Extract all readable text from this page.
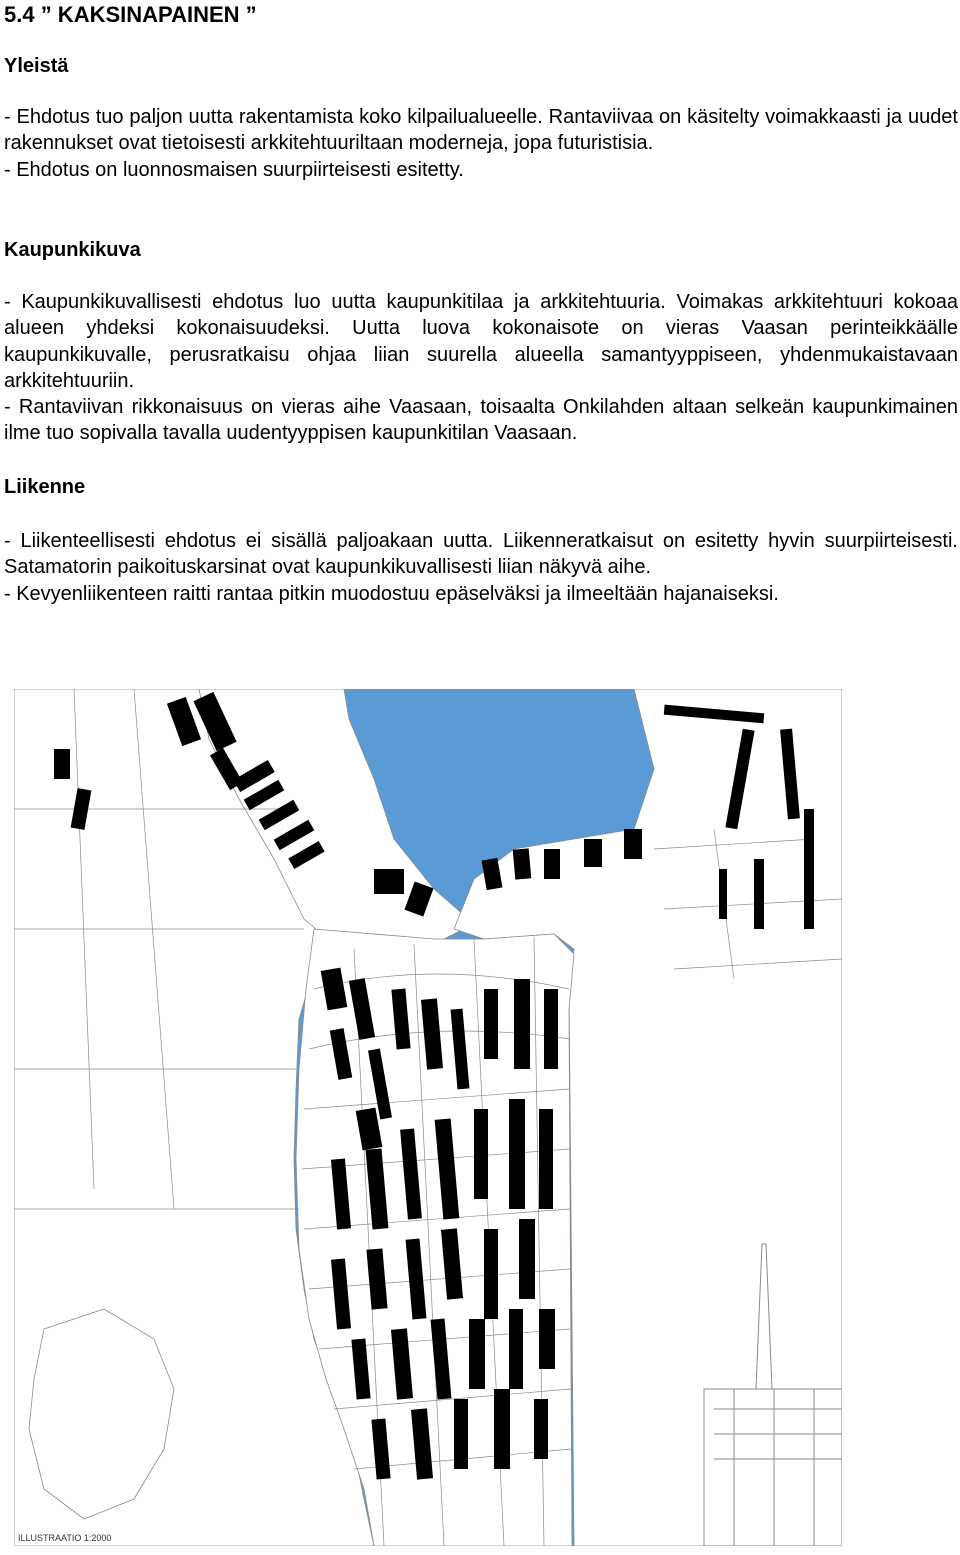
5.4 ” KAKSINAPAINEN ”
Yleistä

- Ehdotus tuo paljon uutta rakentamista koko kilpailualueelle. Rantaviivaa on käsitelty voimakkaasti ja uudet rakennukset ovat tietoisesti arkkitehtuuriltaan moderneja, jopa futuristisia.

- Ehdotus on luonnosmaisen suurpiirteisesti esitetty.

Kaupunkikuva

- Kaupunkikuvallisesti ehdotus luo uutta kaupunkitilaa ja arkkitehtuuria. Voimakas arkkitehtuuri kokoaa alueen yhdeksi kokonaisuudeksi. Uutta luova kokonaisote on vieras Vaasan perinteikkäälle kaupunkikuvalle, perusratkaisu ohjaa liian suurella alueella samantyyppiseen, yhdenmukaistavaan arkkitehtuuriin.

- Rantaviivan rikkonaisuus on vieras aihe Vaasaan, toisaalta Onkilahden altaan selkeän kaupunkimainen ilme tuo sopivalla tavalla uudentyyppisen kaupunkitilan Vaasaan.

Liikenne

- Liikenteellisesti ehdotus ei sisällä paljoakaan uutta. Liikenneratkaisut on esitetty hyvin suurpiirteisesti. Satamatorin paikoituskarsinat ovat kaupunkikuvallisesti liian näkyvä aihe.

- Kevyenliikenteen raitti rantaa pitkin muodostuu epäselväksi ja ilmeeltään hajanaiseksi.

ILLUSTRAATIO 1:2000
